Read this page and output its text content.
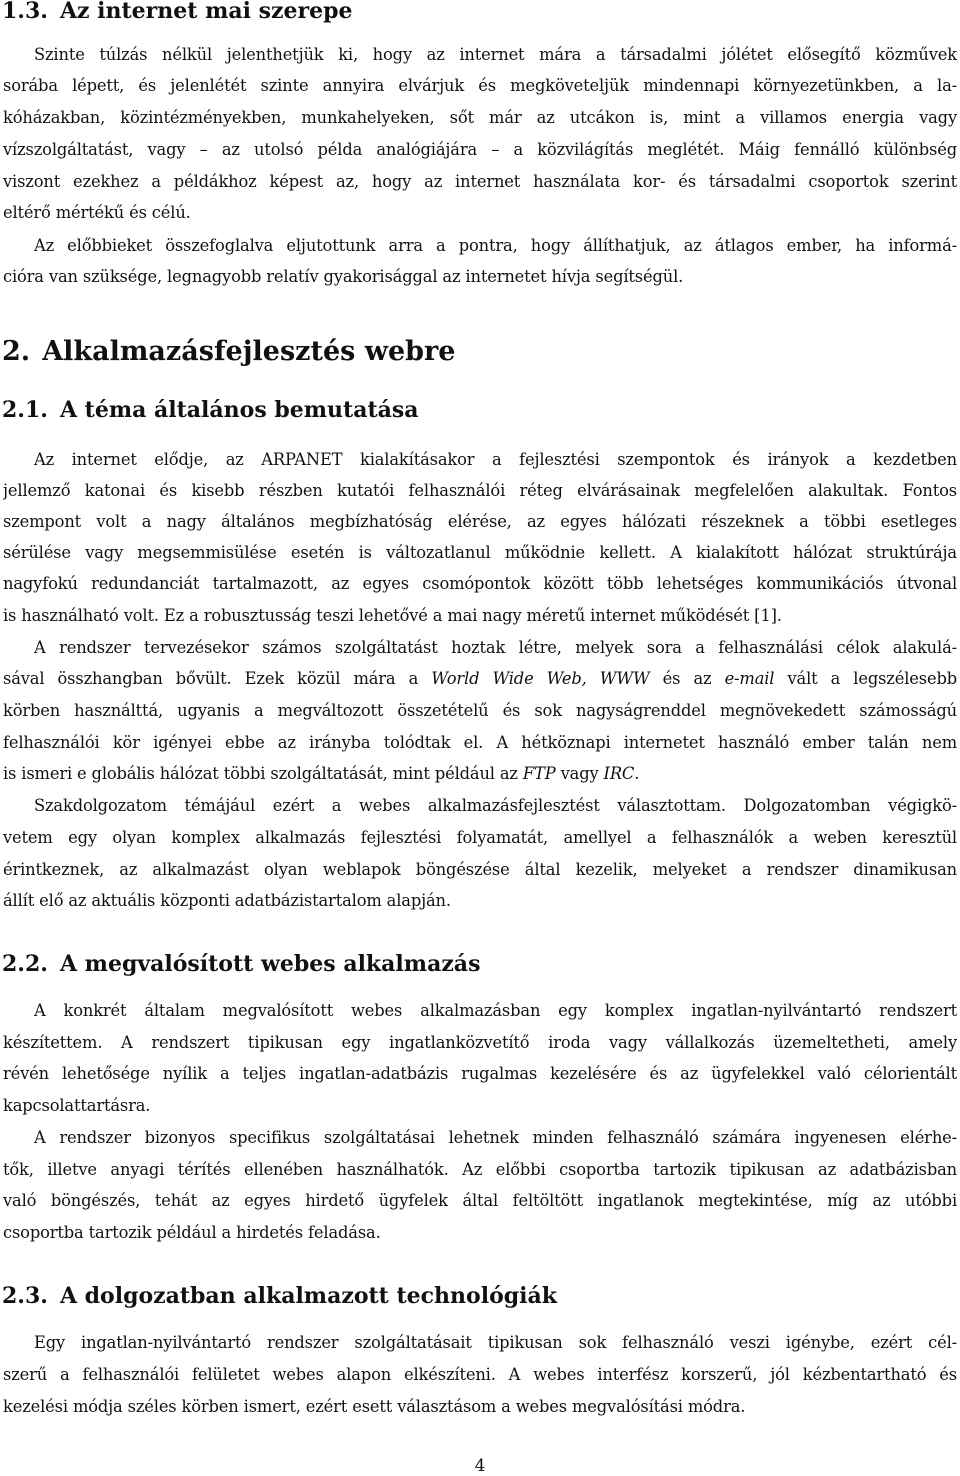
1.3. Az internet mai szerepe
Szinte túlzás nélkül jelenthetjük ki, hogy az internet mára a társadalmi jólétet elősegítő közművek
sorába lépett, és jelenlétét szinte annyira elvárjuk és megköveteljük mindennapi környezetünkben, a la-
kóházakban, közintézményekben, munkahelyeken, sőt már az utcákon is, mint a villamos energia vagy
vízszolgáltatást, vagy – az utolsó példa analógiájára – a közvilágítás meglétét. Máig fennálló különbség
viszont ezekhez a példákhoz képest az, hogy az internet használata kor- és társadalmi csoportok szerint
eltérő mértékű és célú.
Az előbbieket összefoglalva eljutottunk arra a pontra, hogy állíthatjuk, az átlagos ember, ha informá-
cióra van szüksége, legnagyobb relatív gyakorisággal az internetet hívja segítségül.
2. Alkalmazásfejlesztés webre
2.1. A téma általános bemutatása
Az internet elődje, az ARPANET kialakításakor a fejlesztési szempontok és irányok a kezdetben
jellemző katonai és kisebb részben kutatói felhasználói réteg elvárásainak megfelelően alakultak. Fontos
szempont volt a nagy általános megbízhatóság elérése, az egyes hálózati részeknek a többi esetleges
sérülése vagy megsemmisülése esetén is változatlanul működnie kellett. A kialakított hálózat struktúrája
nagyfokú redundanciát tartalmazott, az egyes csomópontok között több lehetséges kommunikációs útvonal
is használható volt. Ez a robusztusság teszi lehetővé a mai nagy méretű internet működését [1].
A rendszer tervezésekor számos szolgáltatást hoztak létre, melyek sora a felhasználási célok alakulá-
sával összhangban bővült. Ezek közül mára a World Wide Web, WWW és az e-mail vált a legszélesebb
körben használttá, ugyanis a megváltozott összetételű és sok nagyságrenddel megnövekedett számosságú
felhasználói kör igényei ebbe az irányba tolódtak el. A hétköznapi internetet használó ember talán nem
is ismeri e globális hálózat többi szolgáltatását, mint például az FTP vagy IRC.
Szakdolgozatom témájául ezért a webes alkalmazásfejlesztést választottam. Dolgozatomban végigkö-
vetem egy olyan komplex alkalmazás fejlesztési folyamatát, amellyel a felhasználók a weben keresztül
érintkeznek, az alkalmazást olyan weblapok böngészése által kezelik, melyeket a rendszer dinamikusan
állít elő az aktuális központi adatbázistartalom alapján.
2.2. A megvalósított webes alkalmazás
A konkrét általam megvalósított webes alkalmazásban egy komplex ingatlan-nyilvántartó rendszert
készítettem. A rendszert tipikusan egy ingatlanközvetítő iroda vagy vállalkozás üzemeltetheti, amely
révén lehetősége nyílik a teljes ingatlan-adatbázis rugalmas kezelésére és az ügyfelekkel való célorientált
kapcsolattartásra.
A rendszer bizonyos specifikus szolgáltatásai lehetnek minden felhasználó számára ingyenesen elérhe-
tők, illetve anyagi térítés ellenében használhatók. Az előbbi csoportba tartozik tipikusan az adatbázisban
való böngészés, tehát az egyes hirdető ügyfelek által feltöltött ingatlanok megtekintése, míg az utóbbi
csoportba tartozik például a hirdetés feladása.
2.3. A dolgozatban alkalmazott technológiák
Egy ingatlan-nyilvántartó rendszer szolgáltatásait tipikusan sok felhasználó veszi igénybe, ezért cél-
szerű a felhasználói felületet webes alapon elkészíteni. A webes interfész korszerű, jól kézbentartható és
kezelési módja széles körben ismert, ezért esett választásom a webes megvalósítási módra.
4
